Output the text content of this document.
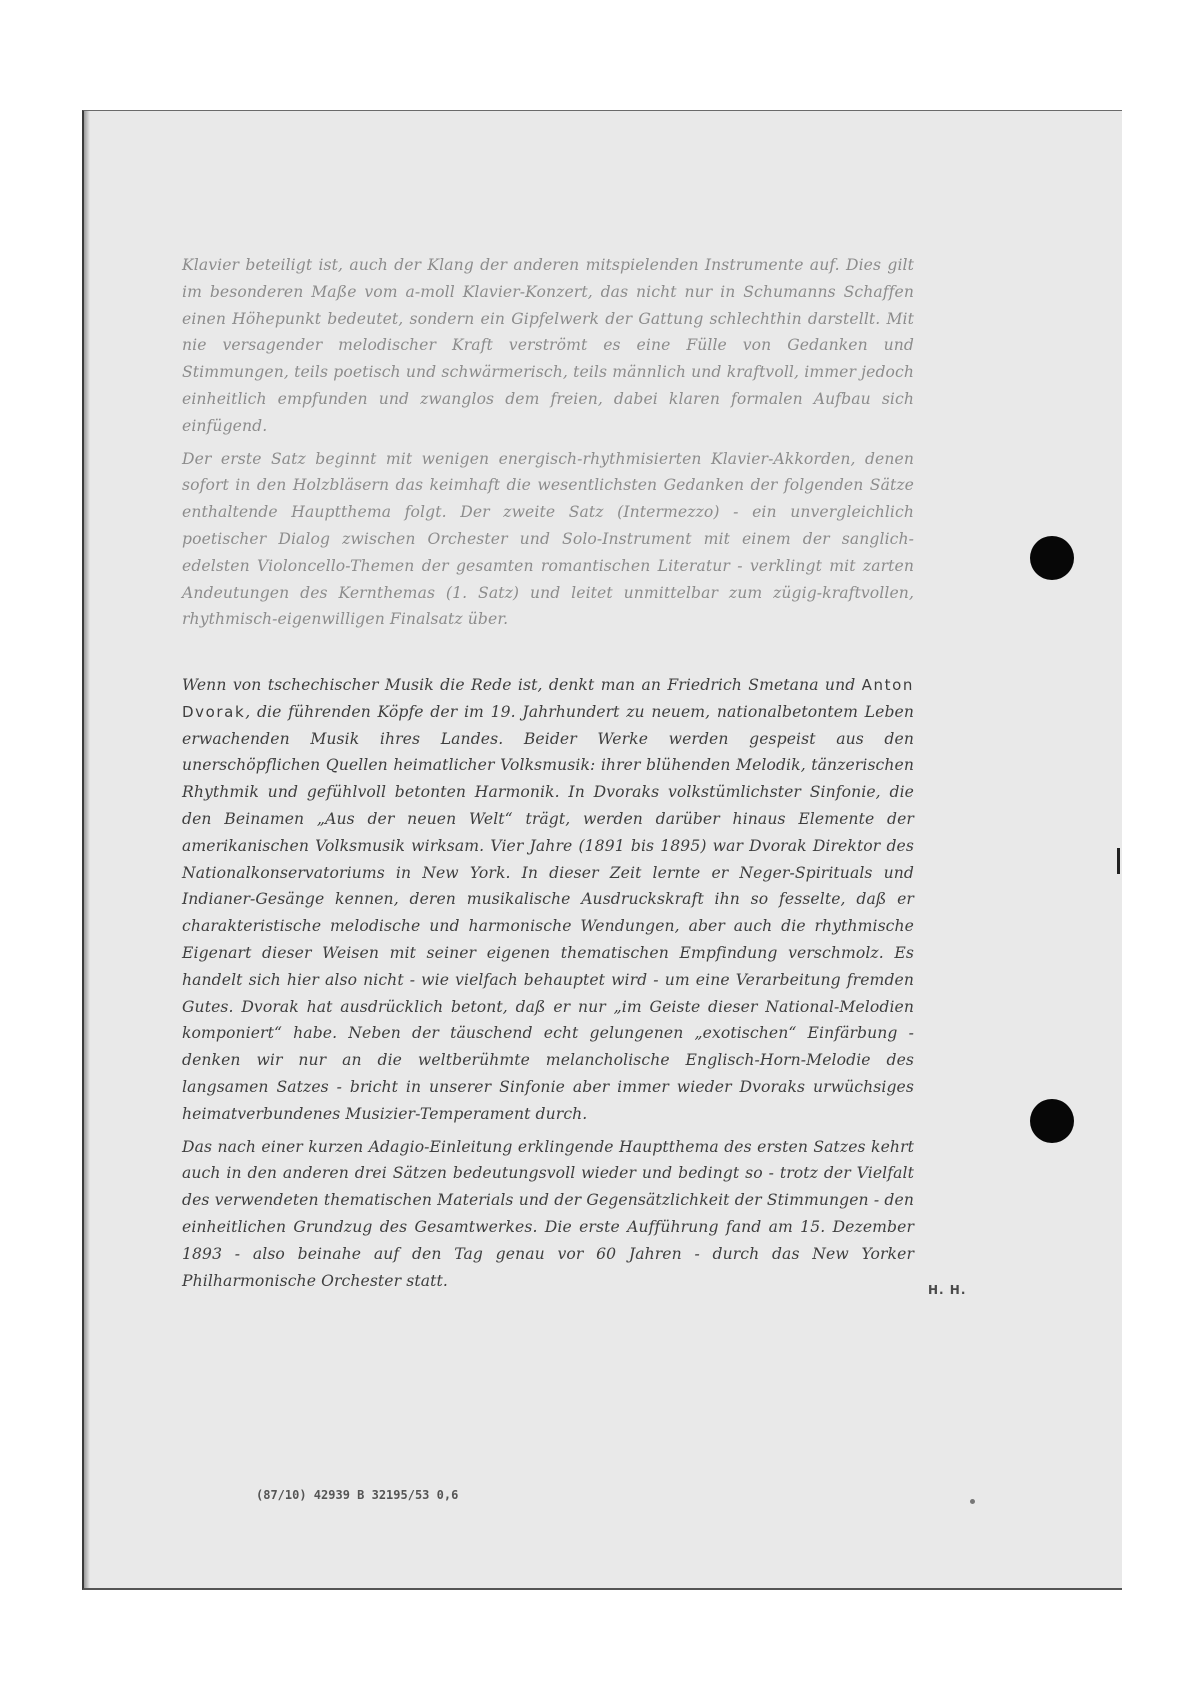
Klavier beteiligt ist, auch der Klang der anderen mitspielenden Instrumente auf. Dies gilt im besonderen Maße vom a-moll Klavier-Konzert, das nicht nur in Schumanns Schaffen einen Höhepunkt bedeutet, sondern ein Gipfelwerk der Gattung schlechthin darstellt. Mit nie versagender melodischer Kraft verströmt es eine Fülle von Gedanken und Stimmungen, teils poetisch und schwärmerisch, teils männlich und kraftvoll, immer jedoch einheitlich empfunden und zwanglos dem freien, dabei klaren formalen Aufbau sich einfügend.

Der erste Satz beginnt mit wenigen energisch-rhythmisierten Klavier-Akkorden, denen sofort in den Holzbläsern das keimhaft die wesentlichsten Gedanken der folgenden Sätze enthaltende Hauptthema folgt. Der zweite Satz (Intermezzo) - ein unvergleichlich poetischer Dialog zwischen Orchester und Solo-Instrument mit einem der sanglich-edelsten Violoncello-Themen der gesamten romantischen Literatur - verklingt mit zarten Andeutungen des Kernthemas (1. Satz) und leitet unmittelbar zum zügig-kraftvollen, rhythmisch-eigenwilligen Finalsatz über.

Wenn von tschechischer Musik die Rede ist, denkt man an Friedrich Smetana und Anton Dvorak, die führenden Köpfe der im 19. Jahrhundert zu neuem, nationalbetontem Leben erwachenden Musik ihres Landes. Beider Werke werden gespeist aus den unerschöpflichen Quellen heimatlicher Volksmusik: ihrer blühenden Melodik, tänzerischen Rhythmik und gefühlvoll betonten Harmonik. In Dvoraks volkstümlichster Sinfonie, die den Beinamen „Aus der neuen Welt“ trägt, werden darüber hinaus Elemente der amerikanischen Volksmusik wirksam. Vier Jahre (1891 bis 1895) war Dvorak Direktor des Nationalkonservatoriums in New York. In dieser Zeit lernte er Neger-Spirituals und Indianer-Gesänge kennen, deren musikalische Ausdruckskraft ihn so fesselte, daß er charakteristische melodische und harmonische Wendungen, aber auch die rhythmische Eigenart dieser Weisen mit seiner eigenen thematischen Empfindung verschmolz. Es handelt sich hier also nicht - wie vielfach behauptet wird - um eine Verarbeitung fremden Gutes. Dvorak hat ausdrücklich betont, daß er nur „im Geiste dieser National-Melodien komponiert“ habe. Neben der täuschend echt gelungenen „exotischen“ Einfärbung - denken wir nur an die weltberühmte melancholische Englisch-Horn-Melodie des langsamen Satzes - bricht in unserer Sinfonie aber immer wieder Dvoraks urwüchsiges heimatverbundenes Musizier-Temperament durch.

Das nach einer kurzen Adagio-Einleitung erklingende Hauptthema des ersten Satzes kehrt auch in den anderen drei Sätzen bedeutungsvoll wieder und bedingt so - trotz der Vielfalt des verwendeten thematischen Materials und der Gegensätzlichkeit der Stimmungen - den einheitlichen Grundzug des Gesamtwerkes. Die erste Aufführung fand am 15. Dezember 1893 - also beinahe auf den Tag genau vor 60 Jahren - durch das New Yorker Philharmonische Orchester statt.

H. H.
(87/10) 42939 B 32195/53 0,6
